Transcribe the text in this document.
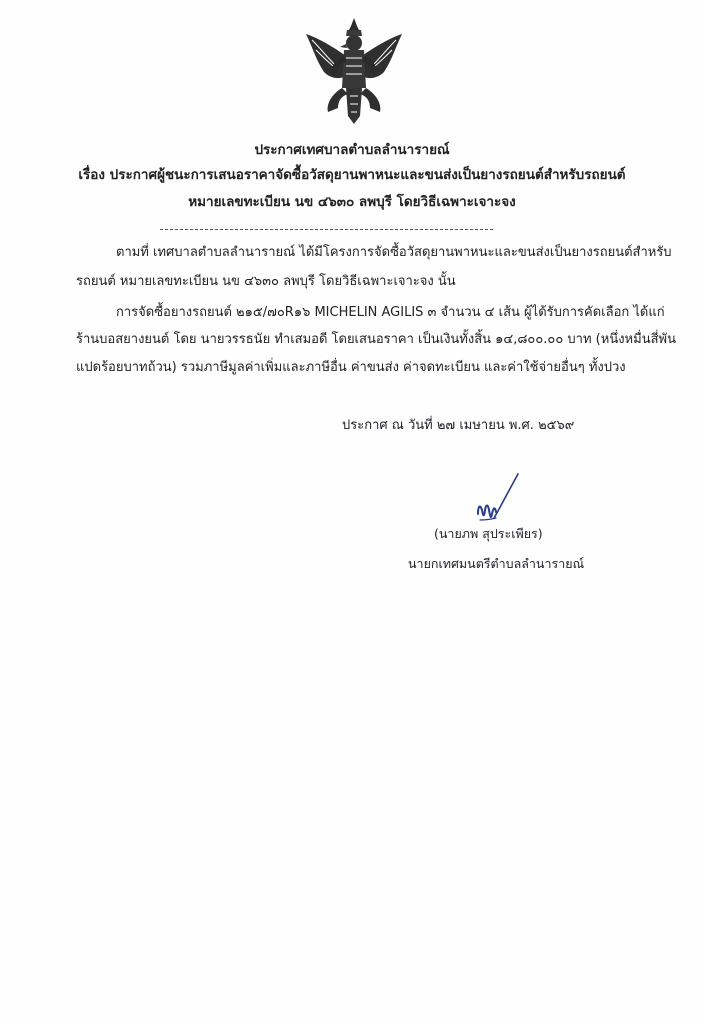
ประกาศเทศบาลตำบลลำนารายณ์
เรื่อง ประกาศผู้ชนะการเสนอราคาจัดซื้อวัสดุยานพาหนะและขนส่งเป็นยางรถยนต์สำหรับรถยนต์
หมายเลขทะเบียน นข ๔๖๓๐ ลพบุรี โดยวิธีเฉพาะเจาะจง
ตามที่ เทศบาลตำบลลำนารายณ์ ได้มีโครงการจัดซื้อวัสดุยานพาหนะและขนส่งเป็นยางรถยนต์สำหรับ
รถยนต์ หมายเลขทะเบียน นข ๔๖๓๐ ลพบุรี โดยวิธีเฉพาะเจาะจง นั้น
การจัดซื้อยางรถยนต์ ๒๑๕/๗๐R๑๖ MICHELIN AGILIS ๓ จำนวน ๔ เส้น ผู้ได้รับการคัดเลือก ได้แก่
ร้านบอสยางยนต์ โดย นายวรรธนัย ทำเสมอดี โดยเสนอราคา เป็นเงินทั้งสิ้น ๑๔,๘๐๐.๐๐ บาท (หนึ่งหมื่นสี่พัน
แปดร้อยบาทถ้วน) รวมภาษีมูลค่าเพิ่มและภาษีอื่น ค่าขนส่ง ค่าจดทะเบียน และค่าใช้จ่ายอื่นๆ ทั้งปวง
ประกาศ ณ วันที่ ๒๗ เมษายน พ.ศ. ๒๕๖๙
(นายภพ สุประเพียร)
นายกเทศมนตรีตำบลลำนารายณ์
